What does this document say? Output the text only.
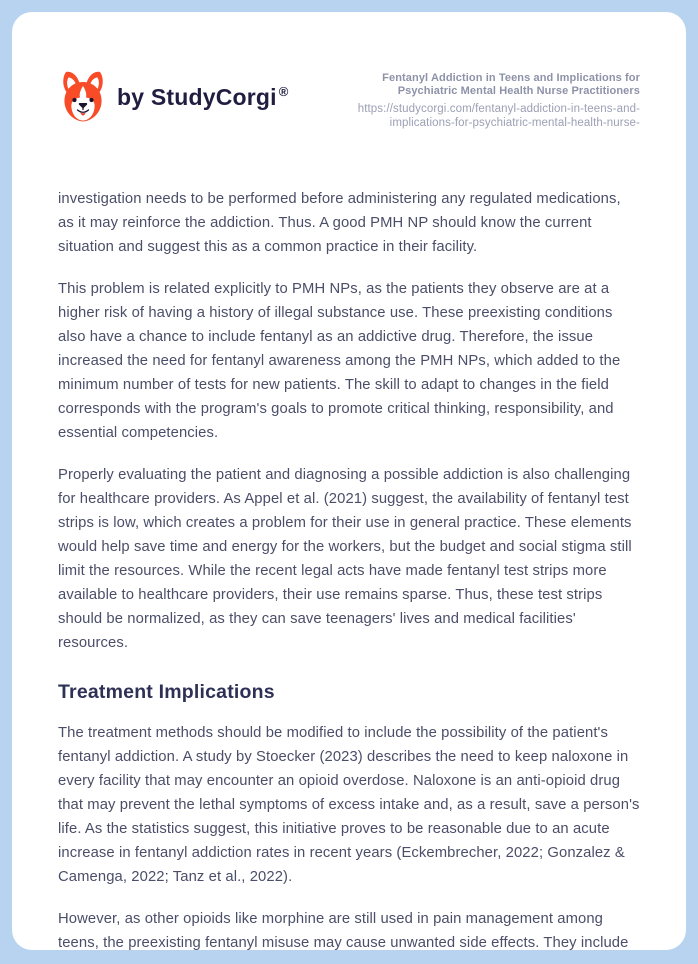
by StudyCorgi ®
Fentanyl Addiction in Teens and Implications for Psychiatric Mental Health Nurse Practitioners
https://studycorgi.com/fentanyl-addiction-in-teens-and-implications-for-psychiatric-mental-health-nurse-

investigation needs to be performed before administering any regulated medications, as it may reinforce the addiction. Thus. A good PMH NP should know the current situation and suggest this as a common practice in their facility.

This problem is related explicitly to PMH NPs, as the patients they observe are at a higher risk of having a history of illegal substance use. These preexisting conditions also have a chance to include fentanyl as an addictive drug. Therefore, the issue increased the need for fentanyl awareness among the PMH NPs, which added to the minimum number of tests for new patients. The skill to adapt to changes in the field corresponds with the program's goals to promote critical thinking, responsibility, and essential competencies.

Properly evaluating the patient and diagnosing a possible addiction is also challenging for healthcare providers. As Appel et al. (2021) suggest, the availability of fentanyl test strips is low, which creates a problem for their use in general practice. These elements would help save time and energy for the workers, but the budget and social stigma still limit the resources. While the recent legal acts have made fentanyl test strips more available to healthcare providers, their use remains sparse. Thus, these test strips should be normalized, as they can save teenagers' lives and medical facilities' resources.

Treatment Implications

The treatment methods should be modified to include the possibility of the patient's fentanyl addiction. A study by Stoecker (2023) describes the need to keep naloxone in every facility that may encounter an opioid overdose. Naloxone is an anti-opioid drug that may prevent the lethal symptoms of excess intake and, as a result, save a person's life. As the statistics suggest, this initiative proves to be reasonable due to an acute increase in fentanyl addiction rates in recent years (Eckembrecher, 2022; Gonzalez & Camenga, 2022; Tanz et al., 2022).

However, as other opioids like morphine are still used in pain management among teens, the preexisting fentanyl misuse may cause unwanted side effects. They include
